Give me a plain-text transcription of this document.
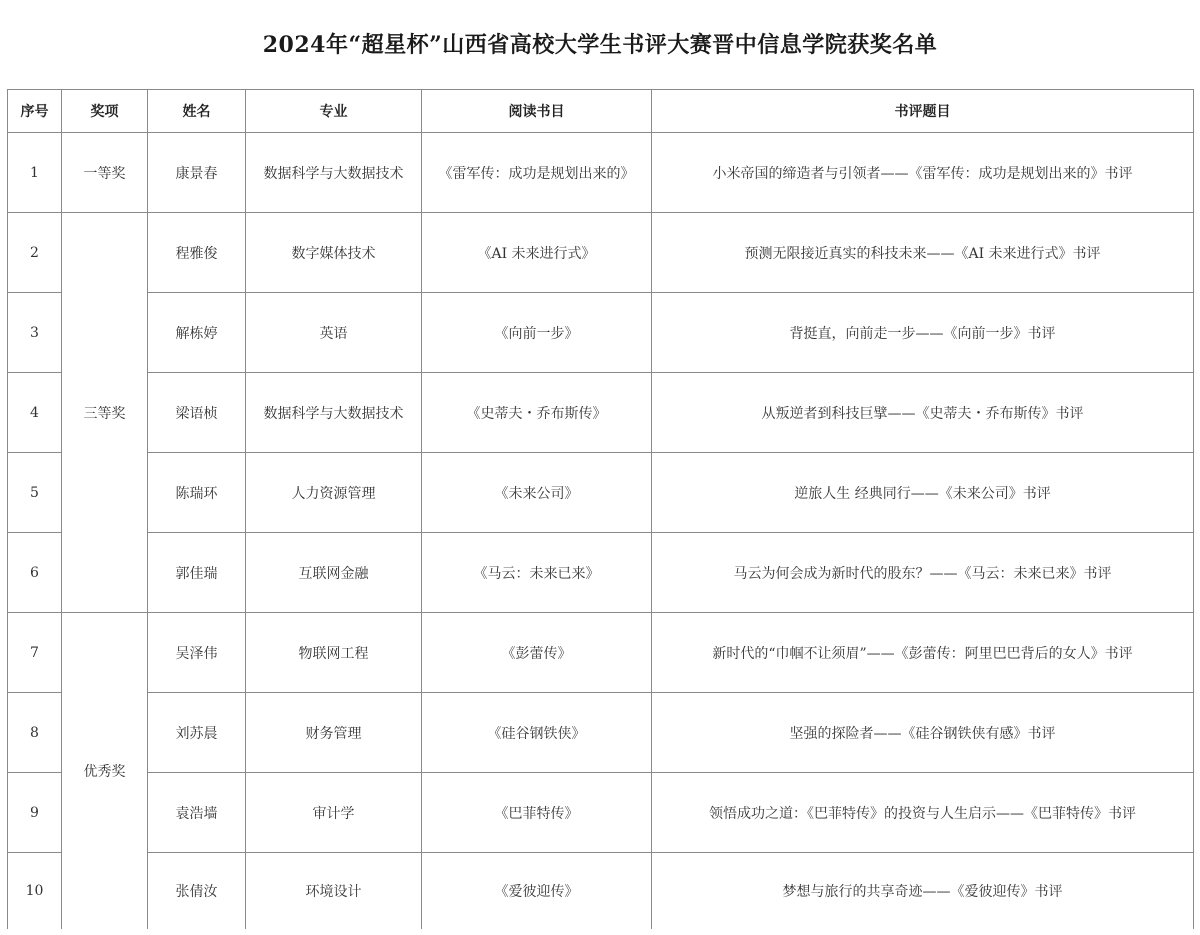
2024年“超星杯”山西省高校大学生书评大赛晋中信息学院获奖名单
序号	奖项	姓名	专业	阅读书目	书评题目
1	一等奖	康景春	数据科学与大数据技术	《雷军传：成功是规划出来的》	小米帝国的缔造者与引领者——《雷军传：成功是规划出来的》书评
2	三等奖	程雅俊	数字媒体技术	《AI 未来进行式》	预测无限接近真实的科技未来——《AI 未来进行式》书评
3		解栋婷	英语	《向前一步》	背挺直，向前走一步——《向前一步》书评
4		梁语桢	数据科学与大数据技术	《史蒂夫・乔布斯传》	从叛逆者到科技巨擘——《史蒂夫・乔布斯传》书评
5		陈瑞环	人力资源管理	《未来公司》	逆旅人生 经典同行——《未来公司》书评
6		郭佳瑞	互联网金融	《马云：未来已来》	马云为何会成为新时代的股东？——《马云：未来已来》书评
7	优秀奖	吴泽伟	物联网工程	《彭蕾传》	新时代的“巾帼不让须眉”——《彭蕾传：阿里巴巴背后的女人》书评
8		刘苏晨	财务管理	《硅谷钢铁侠》	坚强的探险者——《硅谷钢铁侠有感》书评
9		袁浩墙	审计学	《巴菲特传》	领悟成功之道：《巴菲特传》的投资与人生启示——《巴菲特传》书评
10		张倩汝	环境设计	《爱彼迎传》	梦想与旅行的共享奇迹——《爱彼迎传》书评
